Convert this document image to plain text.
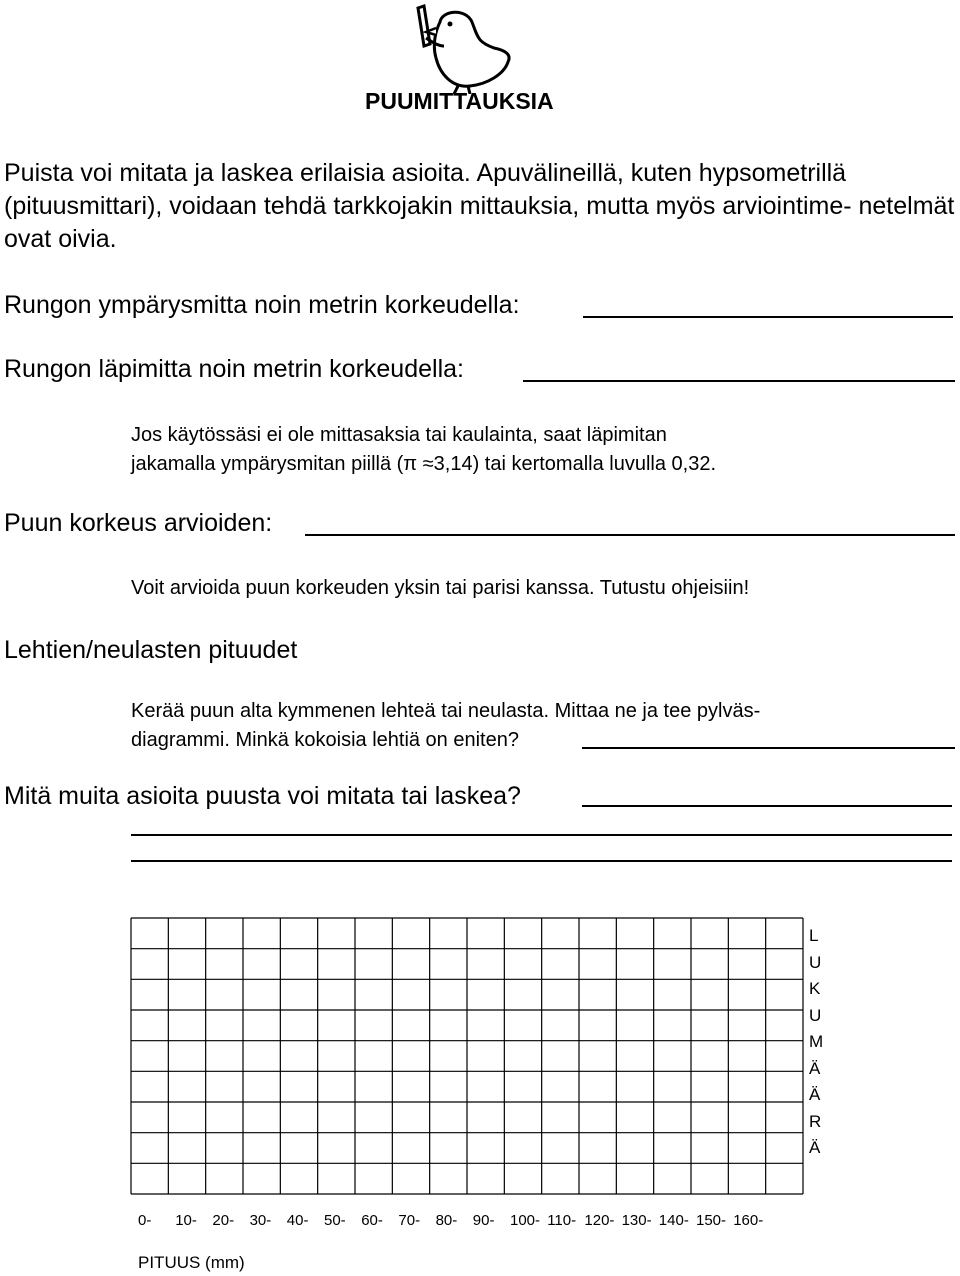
PUUMITTAUKSIA
Puista voi mitata ja laskea erilaisia asioita. Apuvälineillä, kuten hypsometrillä (pituusmittari), voidaan tehdä tarkkojakin mittauksia, mutta myös arviointime- netelmät ovat oivia.
Rungon ympärysmitta noin metrin korkeudella:
Rungon läpimitta noin metrin korkeudella:
Jos käytössäsi ei ole mittasaksia tai kaulainta, saat läpimitan
jakamalla ympärysmitan piillä (π ≈3,14) tai kertomalla luvulla 0,32.
Puun korkeus arvioiden:
Voit arvioida puun korkeuden yksin tai parisi kanssa. Tutustu ohjeisiin!
Lehtien/neulasten pituudet
Kerää puun alta kymmenen lehteä tai neulasta. Mittaa ne ja tee pylväs-
diagrammi. Minkä kokoisia lehtiä on eniten?
Mitä muita asioita puusta voi mitata tai laskea?
L
U
K
U
M
Ä
Ä
R
Ä
0- 10- 20- 30- 40- 50- 60- 70- 80- 90- 100- 110- 120- 130- 140- 150- 160-
PITUUS (mm)
